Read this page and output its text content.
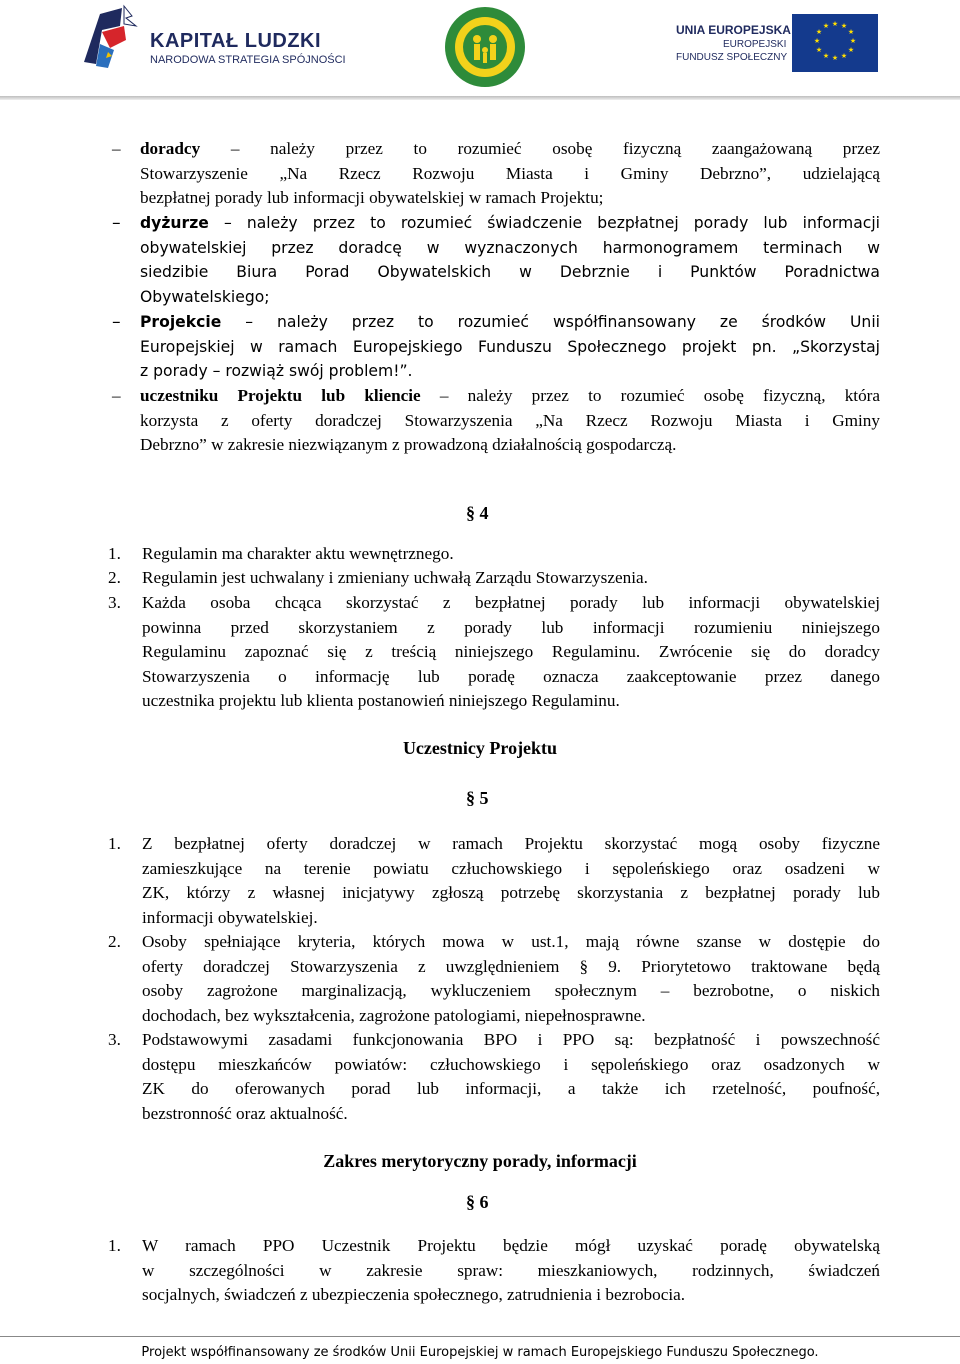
KAPITAŁ LUDZKI
NARODOWA STRATEGIA SPÓJNOŚCI
UNIA EUROPEJSKA
EUROPEJSKI
FUNDUSZ SPOŁECZNY
★ ★
★
★
★
★
★
★
★
★
★
★
–	doradcy – należy przez to rozumieć osobę fizyczną zaangażowaną przez
Stowarzyszenie „Na Rzecz Rozwoju Miasta i Gminy Debrzno”, udzielającą
bezpłatnej porady lub informacji obywatelskiej w ramach Projektu;
–	dyżurze – należy przez to rozumieć świadczenie bezpłatnej porady lub informacji
obywatelskiej przez doradcę w wyznaczonych harmonogramem terminach w
siedzibie Biura Porad Obywatelskich w Debrznie i Punktów Poradnictwa
Obywatelskiego;
–	Projekcie – należy przez to rozumieć współfinansowany ze środków Unii
Europejskiej w ramach Europejskiego Funduszu Społecznego projekt pn. „Skorzystaj
z porady – rozwiąż swój problem!”.
–	uczestniku Projektu lub kliencie – należy przez to rozumieć osobę fizyczną, która
korzysta z oferty doradczej Stowarzyszenia „Na Rzecz Rozwoju Miasta i Gminy
Debrzno” w zakresie niezwiązanym z prowadzoną działalnością gospodarczą.
§ 4
1.	Regulamin ma charakter aktu wewnętrznego.
2.	Regulamin jest uchwalany i zmieniany uchwałą Zarządu Stowarzyszenia.
3.	Każda osoba chcąca skorzystać z bezpłatnej porady lub informacji obywatelskiej
powinna przed skorzystaniem z porady lub informacji rozumieniu niniejszego
Regulaminu zapoznać się z treścią niniejszego Regulaminu. Zwrócenie się do doradcy
Stowarzyszenia o informację lub poradę oznacza zaakceptowanie przez danego
uczestnika projektu lub klienta postanowień niniejszego Regulaminu.
Uczestnicy Projektu
§ 5
1.	Z bezpłatnej oferty doradczej w ramach Projektu skorzystać mogą osoby fizyczne
zamieszkujące na terenie powiatu człuchowskiego i sępoleńskiego oraz osadzeni w
ZK, którzy z własnej inicjatywy zgłoszą potrzebę skorzystania z bezpłatnej porady lub
informacji obywatelskiej.
2.	Osoby spełniające kryteria, których mowa w ust.1, mają równe szanse w dostępie do
oferty doradczej Stowarzyszenia z uwzględnieniem § 9. Priorytetowo traktowane będą
osoby zagrożone marginalizacją, wykluczeniem społecznym – bezrobotne, o niskich
dochodach, bez wykształcenia, zagrożone patologiami, niepełnosprawne.
3.	Podstawowymi zasadami funkcjonowania BPO i PPO są: bezpłatność i powszechność
dostępu mieszkańców powiatów: człuchowskiego i sępoleńskiego oraz osadzonych w
ZK do oferowanych porad lub informacji, a także ich rzetelność, poufność,
bezstronność oraz aktualność.
Zakres merytoryczny porady, informacji
§ 6
1.	W ramach PPO Uczestnik Projektu będzie mógł uzyskać poradę obywatelską
w szczególności w zakresie spraw: mieszkaniowych, rodzinnych, świadczeń
socjalnych, świadczeń z ubezpieczenia społecznego, zatrudnienia i bezrobocia.
Projekt współfinansowany ze środków Unii Europejskiej w ramach Europejskiego Funduszu Społecznego.
